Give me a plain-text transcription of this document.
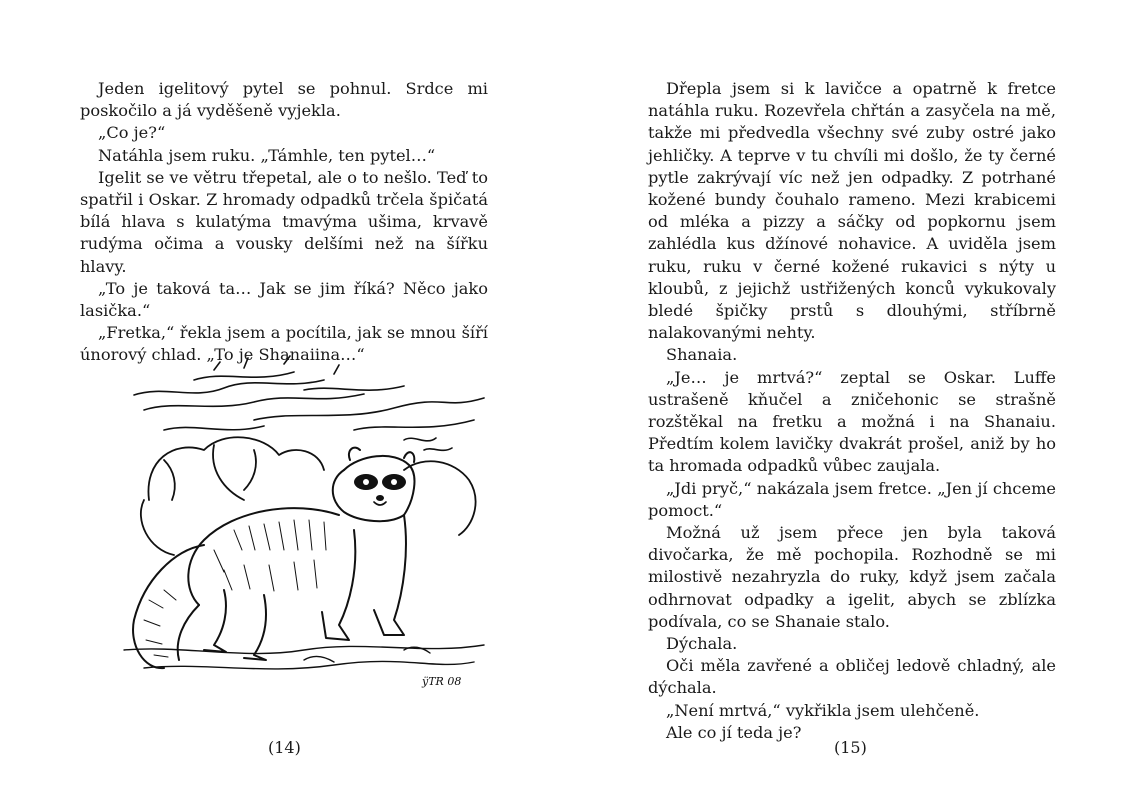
Jeden igelitový pytel se pohnul. Srdce mi poskočilo a já vyděšeně vyjekla.

„Co je?“

Natáhla jsem ruku. „Támhle, ten pytel…“

Igelit se ve větru třepetal, ale o to nešlo. Teď to spatřil i Oskar. Z hromady odpadků trčela špičatá bílá hlava s kulatýma tmavýma ušima, krvavě rudýma očima a vousky delšími než na šířku hlavy.

„To je taková ta… Jak se jim říká? Něco jako lasička.“

„Fretka,“ řekla jsem a pocítila, jak se mnou šíří únorový chlad. „To je Shanaiina…“

ÿTR 08
(14)

Dřepla jsem si k lavičce a opatrně k fretce natáhla ruku. Rozevřela chřtán a zasyčela na mě, takže mi předvedla všechny své zuby ostré jako jehličky. A teprve v tu chvíli mi došlo, že ty černé pytle zakrývají víc než jen odpadky. Z potrhané kožené bundy čouhalo rameno. Mezi krabicemi od mléka a pizzy a sáčky od popkornu jsem zahlédla kus džínové nohavice. A uviděla jsem ruku, ruku v černé kožené rukavici s nýty u kloubů, z jejichž ustřižených konců vykukovaly bledé špičky prstů s dlouhými, stříbrně nalakovanými nehty.

Shanaia.

„Je… je mrtvá?“ zeptal se Oskar. Luffe ustrašeně kňučel a zničehonic se strašně rozštěkal na fretku a možná i na Shanaiu. Předtím kolem lavičky dvakrát prošel, aniž by ho ta hromada odpadků vůbec zaujala.

„Jdi pryč,“ nakázala jsem fretce. „Jen jí chceme pomoct.“

Možná už jsem přece jen byla taková divočarka, že mě pochopila. Rozhodně se mi milostivě nezahryzla do ruky, když jsem začala odhrnovat odpadky a igelit, abych se zblízka podívala, co se Shanaie stalo.

Dýchala.

Oči měla zavřené a obličej ledově chladný, ale dýchala.

„Není mrtvá,“ vykřikla jsem ulehčeně.

Ale co jí teda je?

(15)
